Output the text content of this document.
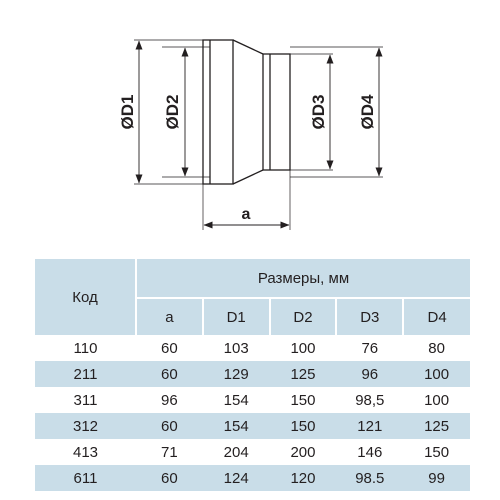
ØD1 ØD2	ØD3 ØD4
a
Код	Размеры, мм				
	a	D1	D2	D3	D4
110	60	103	100	76	80
211	60	129	125	96	100
311	96	154	150	98,5	100
312	60	154	150	121	125
413	71	204	200	146	150
611	60	124	120	98.5	99
